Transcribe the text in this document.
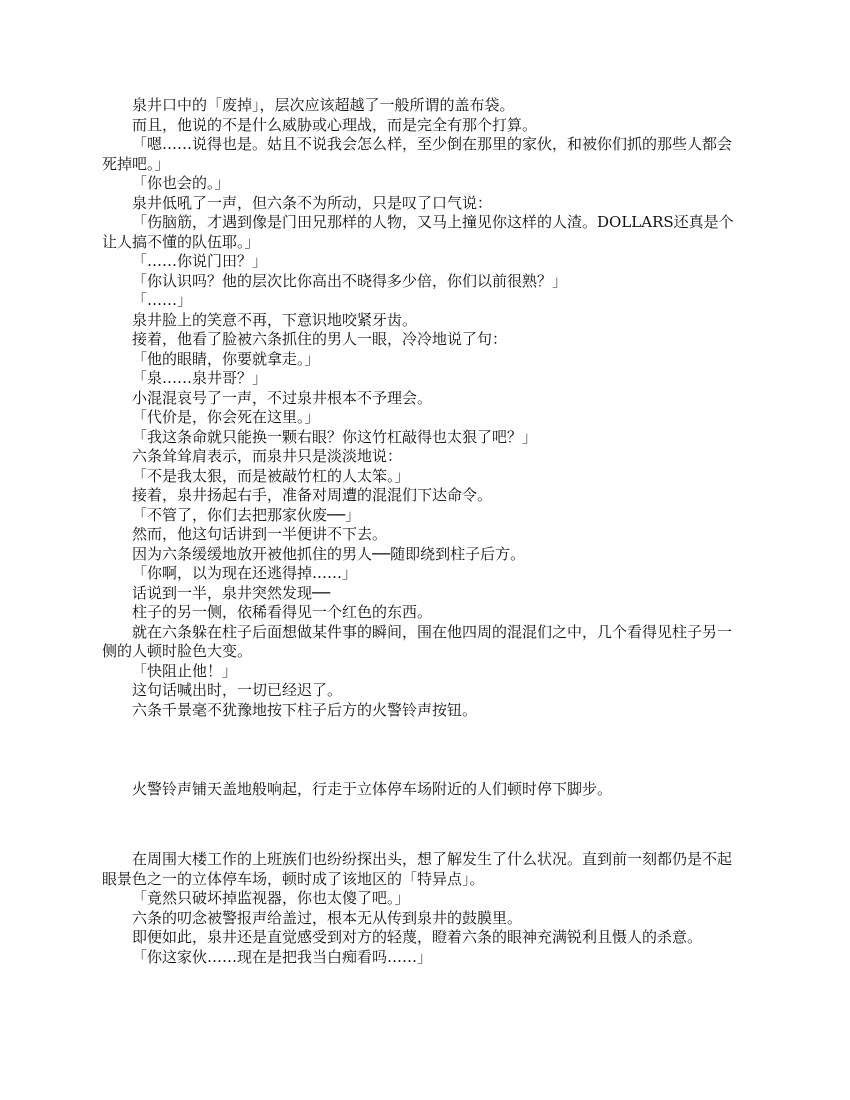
泉井口中的「废掉」，层次应该超越了一般所谓的盖布袋。

而且，他说的不是什么威胁或心理战，而是完全有那个打算。

「嗯……说得也是。姑且不说我会怎么样，至少倒在那里的家伙，和被你们抓的那些人都会死掉吧。」

「你也会的。」

泉井低吼了一声，但六条不为所动，只是叹了口气说：

「伤脑筋，才遇到像是门田兄那样的人物，又马上撞见你这样的人渣。DOLLARS还真是个让人搞不懂的队伍耶。」

「……你说门田？」

「你认识吗？他的层次比你高出不晓得多少倍，你们以前很熟？」

「……」

泉井脸上的笑意不再，下意识地咬紧牙齿。

接着，他看了脸被六条抓住的男人一眼，冷冷地说了句：

「他的眼睛，你要就拿走。」

「泉……泉井哥？」

小混混哀号了一声，不过泉井根本不予理会。

「代价是，你会死在这里。」

「我这条命就只能换一颗右眼？你这竹杠敲得也太狠了吧？」

六条耸耸肩表示，而泉井只是淡淡地说：

「不是我太狠，而是被敲竹杠的人太笨。」

接着，泉井扬起右手，准备对周遭的混混们下达命令。

「不管了，你们去把那家伙废──」

然而，他这句话讲到一半便讲不下去。

因为六条缓缓地放开被他抓住的男人──随即绕到柱子后方。

「你啊，以为现在还逃得掉……」

话说到一半，泉井突然发现──

柱子的另一侧，依稀看得见一个红色的东西。

就在六条躲在柱子后面想做某件事的瞬间，围在他四周的混混们之中，几个看得见柱子另一侧的人顿时脸色大变。

「快阻止他！」

这句话喊出时，一切已经迟了。

六条千景毫不犹豫地按下柱子后方的火警铃声按钮。

火警铃声铺天盖地般响起，行走于立体停车场附近的人们顿时停下脚步。

在周围大楼工作的上班族们也纷纷探出头，想了解发生了什么状况。直到前一刻都仍是不起眼景色之一的立体停车场，顿时成了该地区的「特异点」。

「竟然只破坏掉监视器，你也太傻了吧。」

六条的叨念被警报声给盖过，根本无从传到泉井的鼓膜里。

即便如此，泉井还是直觉感受到对方的轻蔑，瞪着六条的眼神充满锐利且慑人的杀意。

「你这家伙……现在是把我当白痴看吗……」
